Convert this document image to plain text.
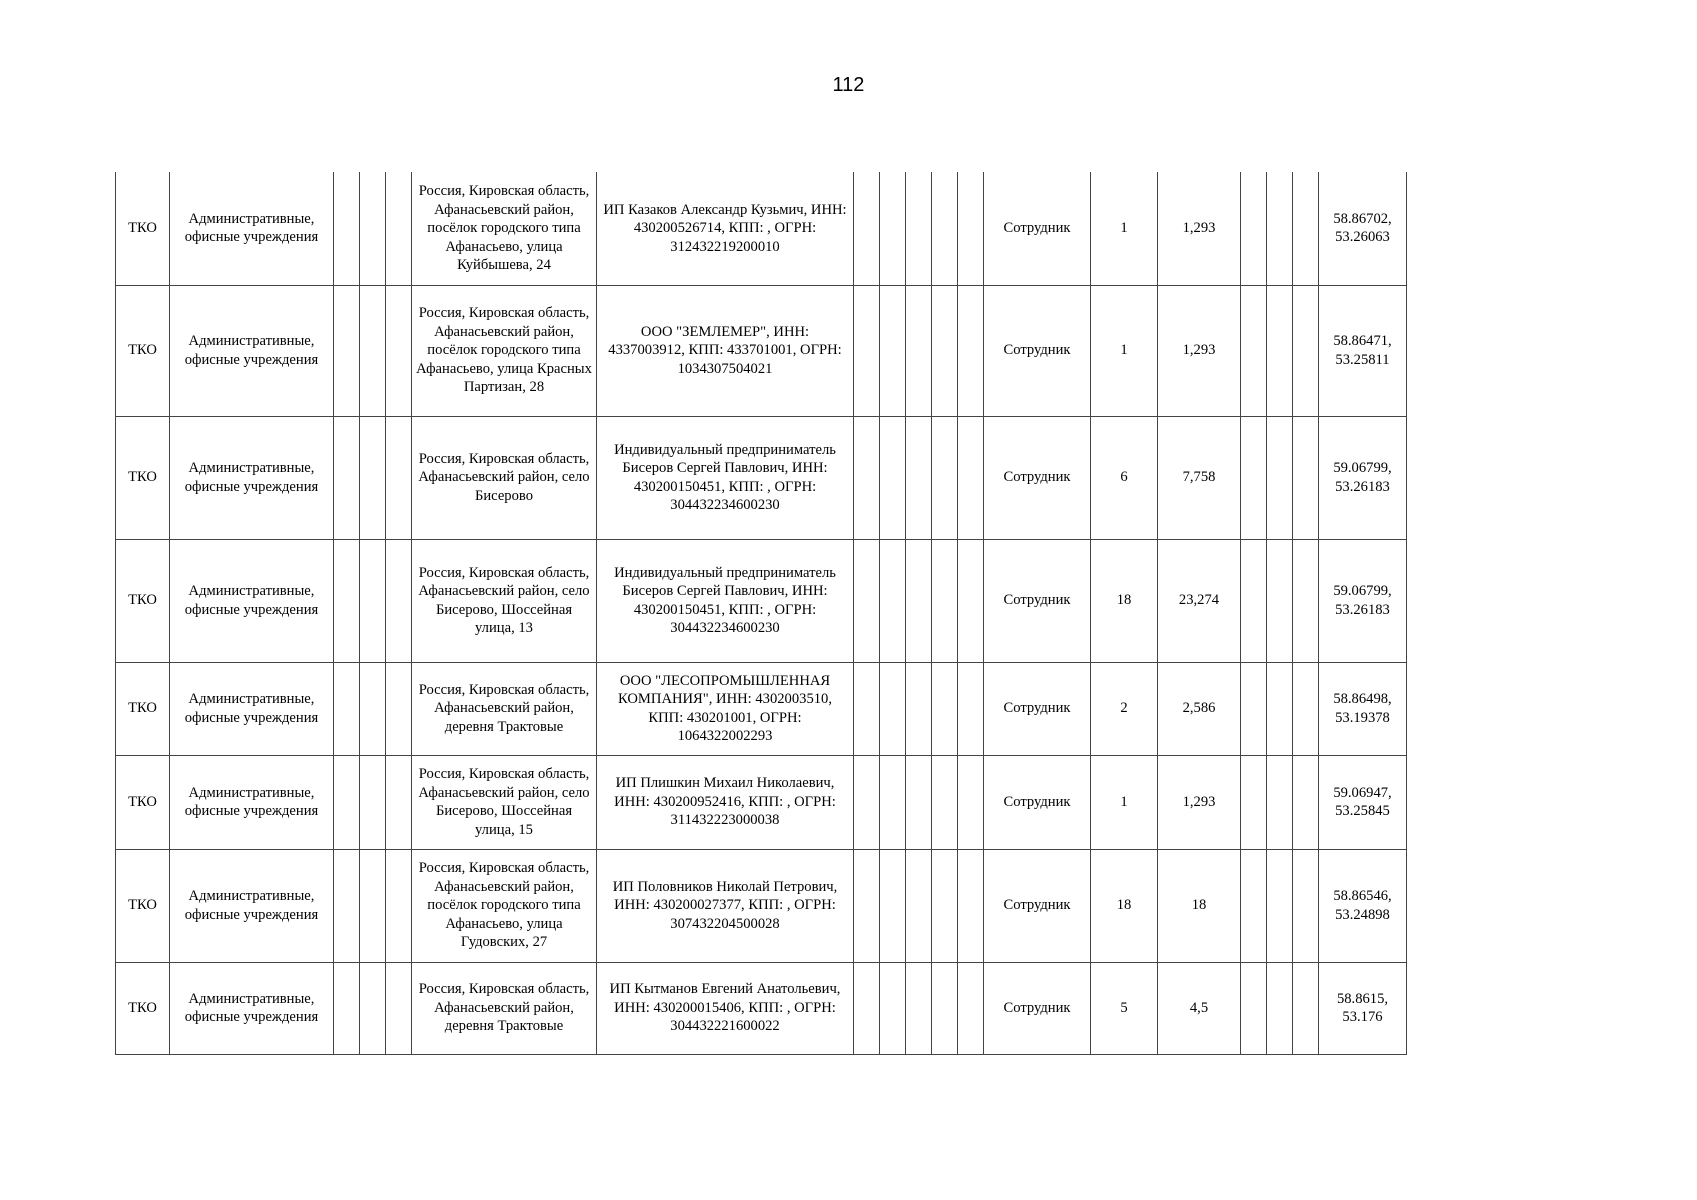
112
ТКО	Административные, офисные учреждения				Россия, Кировская область, Афанасьевский район, посёлок городского типа Афанасьево, улица Куйбышева, 24	ИП Казаков Александр Кузьмич, ИНН: 430200526714, КПП: , ОГРН: 312432219200010						Сотрудник	1	1,293				58.86702, 53.26063
ТКО	Административные, офисные учреждения				Россия, Кировская область, Афанасьевский район, посёлок городского типа Афанасьево, улица Красных Партизан, 28	ООО "ЗЕМЛЕМЕР", ИНН: 4337003912, КПП: 433701001, ОГРН: 1034307504021						Сотрудник	1	1,293				58.86471, 53.25811
ТКО	Административные, офисные учреждения				Россия, Кировская область, Афанасьевский район, село Бисерово	Индивидуальный предприниматель Бисеров Сергей Павлович, ИНН: 430200150451, КПП: , ОГРН: 304432234600230						Сотрудник	6	7,758				59.06799, 53.26183
ТКО	Административные, офисные учреждения				Россия, Кировская область, Афанасьевский район, село Бисерово, Шоссейная улица, 13	Индивидуальный предприниматель Бисеров Сергей Павлович, ИНН: 430200150451, КПП: , ОГРН: 304432234600230						Сотрудник	18	23,274				59.06799, 53.26183
ТКО	Административные, офисные учреждения				Россия, Кировская область, Афанасьевский район, деревня Трактовые	ООО "ЛЕСОПРОМЫШЛЕННАЯ КОМПАНИЯ", ИНН: 4302003510, КПП: 430201001, ОГРН: 1064322002293						Сотрудник	2	2,586				58.86498, 53.19378
ТКО	Административные, офисные учреждения				Россия, Кировская область, Афанасьевский район, село Бисерово, Шоссейная улица, 15	ИП Плишкин Михаил Николаевич, ИНН: 430200952416, КПП: , ОГРН: 311432223000038						Сотрудник	1	1,293				59.06947, 53.25845
ТКО	Административные, офисные учреждения				Россия, Кировская область, Афанасьевский район, посёлок городского типа Афанасьево, улица Гудовских, 27	ИП Половников Николай Петрович, ИНН: 430200027377, КПП: , ОГРН: 307432204500028						Сотрудник	18	18				58.86546, 53.24898
ТКО	Административные, офисные учреждения				Россия, Кировская область, Афанасьевский район, деревня Трактовые	ИП Кытманов Евгений Анатольевич, ИНН: 430200015406, КПП: , ОГРН: 304432221600022						Сотрудник	5	4,5				58.8615, 53.176
